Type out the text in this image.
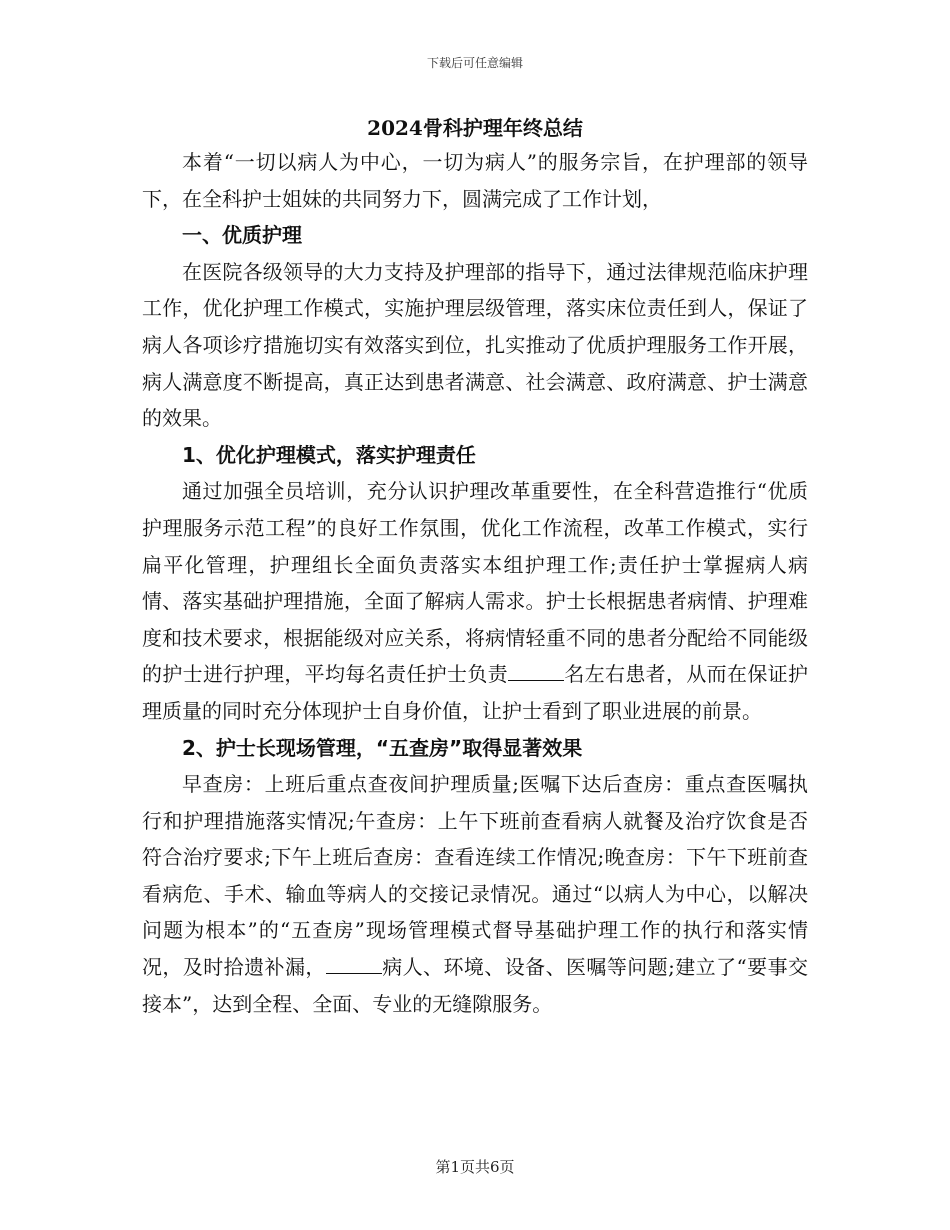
下载后可任意编辑
2024骨科护理年终总结

本着“一切以病人为中心，一切为病人”的服务宗旨，在护理部的领导下，在全科护士姐妹的共同努力下，圆满完成了工作计划，

一、优质护理

在医院各级领导的大力支持及护理部的指导下，通过法律规范临床护理工作，优化护理工作模式，实施护理层级管理，落实床位责任到人，保证了病人各项诊疗措施切实有效落实到位，扎实推动了优质护理服务工作开展，病人满意度不断提高，真正达到患者满意、社会满意、政府满意、护士满意的效果。

1、优化护理模式，落实护理责任

通过加强全员培训，充分认识护理改革重要性，在全科营造推行“优质护理服务示范工程”的良好工作氛围，优化工作流程，改革工作模式，实行扁平化管理，护理组长全面负责落实本组护理工作;责任护士掌握病人病情、落实基础护理措施，全面了解病人需求。护士长根据患者病情、护理难度和技术要求，根据能级对应关系，将病情轻重不同的患者分配给不同能级的护士进行护理，平均每名责任护士负责	名左右患者，从而在保证护理质量的同时充分体现护士自身价值，让护士看到了职业进展的前景。

2、护士长现场管理，“五查房”取得显著效果

早查房：上班后重点查夜间护理质量;医嘱下达后查房：重点查医嘱执行和护理措施落实情况;午查房：上午下班前查看病人就餐及治疗饮食是否符合治疗要求;下午上班后查房：查看连续工作情况;晚查房：下午下班前查看病危、手术、输血等病人的交接记录情况。通过“以病人为中心，以解决问题为根本”的“五查房”现场管理模式督导基础护理工作的执行和落实情况，及时拾遗补漏，	病人、环境、设备、医嘱等问题;建立了“要事交接本”，达到全程、全面、专业的无缝隙服务。

第1页共6页
